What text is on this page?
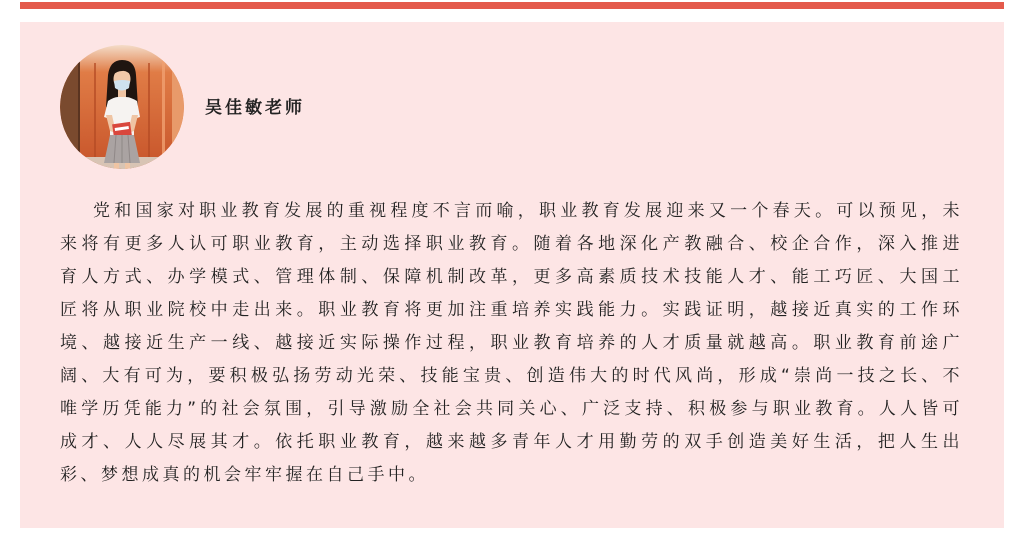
吴佳敏老师
党和国家对职业教育发展的重视程度不言而喻，职业教育发展迎来又一个春天。可以预见，未
来将有更多人认可职业教育，主动选择职业教育。随着各地深化产教融合、校企合作，深入推进
育人方式、办学模式、管理体制、保障机制改革，更多高素质技术技能人才、能工巧匠、大国工
匠将从职业院校中走出来。职业教育将更加注重培养实践能力。实践证明，越接近真实的工作环
境、越接近生产一线、越接近实际操作过程，职业教育培养的人才质量就越高。职业教育前途广
阔、大有可为，要积极弘扬劳动光荣、技能宝贵、创造伟大的时代风尚，形成“崇尚一技之长、不
唯学历凭能力”的社会氛围，引导激励全社会共同关心、广泛支持、积极参与职业教育。人人皆可
成才、人人尽展其才。依托职业教育，越来越多青年人才用勤劳的双手创造美好生活，把人生出
彩、梦想成真的机会牢牢握在自己手中。
